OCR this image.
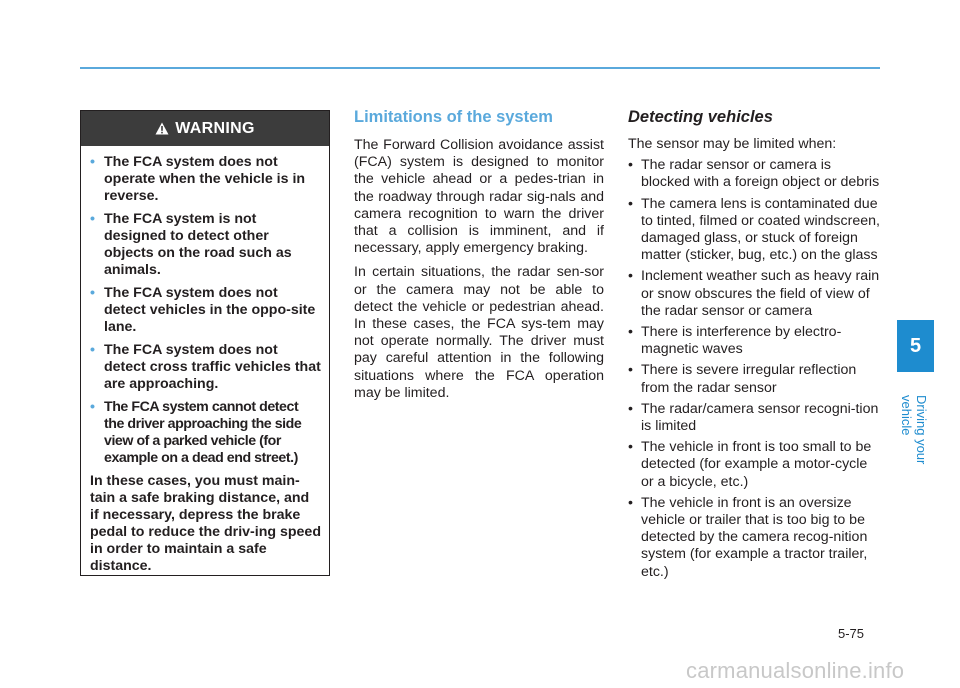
WARNING
• The FCA system does not operate when the vehicle is in reverse.
• The FCA system is not designed to detect other objects on the road such as animals.
• The FCA system does not detect vehicles in the oppo-site lane.
• The FCA system does not detect cross traffic vehicles that are approaching.
• The FCA system cannot detect the driver approaching the side view of a parked vehicle (for example on a dead end street.)
In these cases, you must main-tain a safe braking distance, and if necessary, depress the brake pedal to reduce the driv-ing speed in order to maintain a safe distance.
Limitations of the system

The Forward Collision avoidance assist (FCA) system is designed to monitor the vehicle ahead or a pedes-trian in the roadway through radar sig-nals and camera recognition to warn the driver that a collision is imminent, and if necessary, apply emergency braking.

In certain situations, the radar sen-sor or the camera may not be able to detect the vehicle or pedestrian ahead. In these cases, the FCA sys-tem may not operate normally. The driver must pay careful attention in the following situations where the FCA operation may be limited.

Detecting vehicles
The sensor may be limited when:
• The radar sensor or camera is blocked with a foreign object or debris
• The camera lens is contaminated due to tinted, filmed or coated windscreen, damaged glass, or stuck of foreign matter (sticker, bug, etc.) on the glass
• Inclement weather such as heavy rain or snow obscures the field of view of the radar sensor or camera
• There is interference by electro-magnetic waves
• There is severe irregular reflection from the radar sensor
• The radar/camera sensor recogni-tion is limited
• The vehicle in front is too small to be detected (for example a motor-cycle or a bicycle, etc.)
• The vehicle in front is an oversize vehicle or trailer that is too big to be detected by the camera recog-nition system (for example a tractor trailer, etc.)
5
Driving your vehicle
5-75
carmanualsonline.info
